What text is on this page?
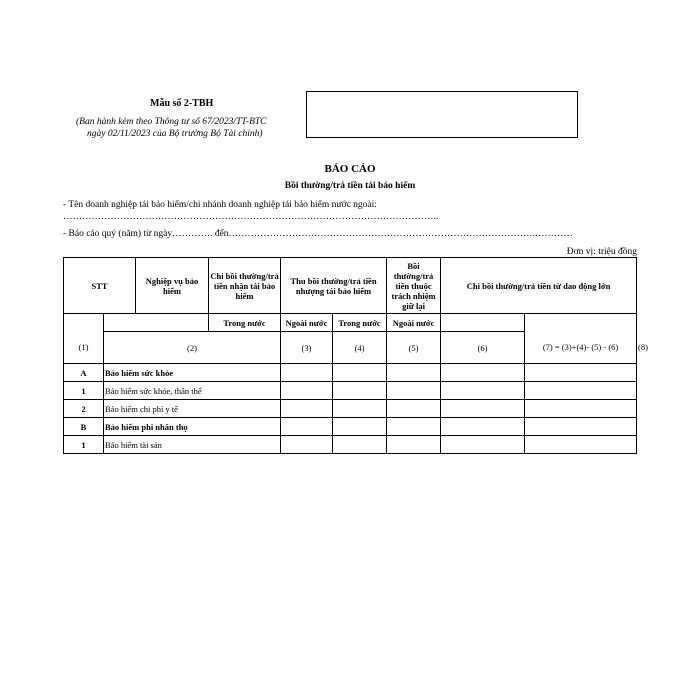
Mẫu số 2-TBH
(Ban hành kèm theo Thông tư số 67/2023/TT-BTC
ngày 02/11/2023 của Bộ trưởng Bộ Tài chính)
BÁO CÁO
Bồi thường/trả tiền tái bảo hiểm
- Tên doanh nghiệp tái bảo hiểm/chi nhánh doanh nghiệp tái bảo hiểm nước ngoài:
………………………………………………………………………………………………………..
- Báo cáo quý (năm) từ ngày…………. đến…………………………………………………………………………………….…………
Đơn vị: triệu đồng
STT		Nghiệp vụ bảo hiểm	Chi bồi thường/trả tiền nhận tái bảo hiểm	Thu bồi thường/trả tiền nhượng tái bảo hiểm		Bồi thường/trả tiền thuộc trách nhiệm giữ lại	Chi bồi thường/trả tiền từ dao động lớn		
			Trong nước	Ngoài nước	Trong nước	Ngoài nước			
(1)	(2)			(3)	(4)	(5)	(6)	(7) = (3)+(4)- (5) - (6)	(8)
A	Bảo hiểm sức khỏe								
1	Bảo hiểm sức khỏe, thân thể								
2	Bảo hiểm chi phí y tế								
B	Bảo hiểm phi nhân thọ								
1	Bảo hiểm tài sản								
